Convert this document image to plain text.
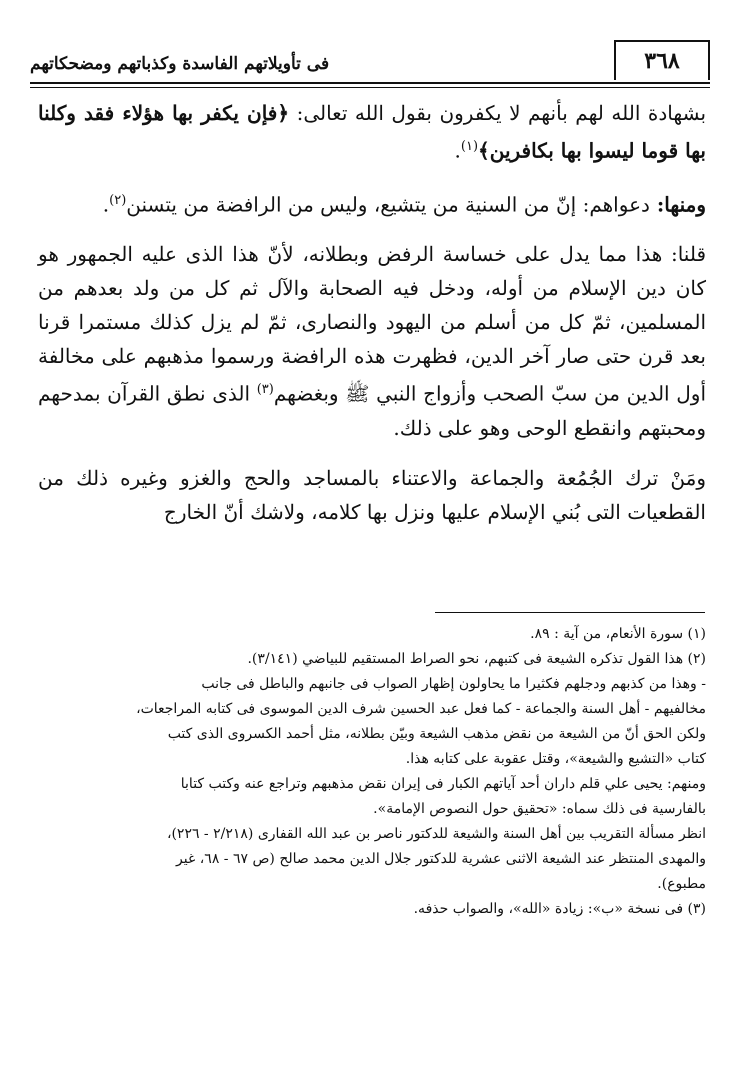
٣٦٨
فى تأويلاتهم الفاسدة وكذباتهم ومضحكاتهم

بشهادة الله لهم بأنهم لا يكفرون بقول الله تعالى: ﴿فإن يكفر بها هؤلاء فقد وكلنا بها قوما ليسوا بها بكافرين﴾$^{(١)}$.

ومنها: دعواهم: إنّ من السنية من يتشيع، وليس من الرافضة من يتسنن$^{(٢)}$.

قلنا: هذا مما يدل على خساسة الرفض وبطلانه، لأنّ هذا الذى عليه الجمهور هو كان دين الإسلام من أوله، ودخل فيه الصحابة والآل ثم كل من ولد بعدهم من المسلمين، ثمّ كل من أسلم من اليهود والنصارى، ثمّ لم يزل كذلك مستمرا قرنا بعد قرن حتى صار آخر الدين، فظهرت هذه الرافضة ورسموا مذهبهم على مخالفة أول الدين من سبّ الصحب وأزواج النبي ﷺ وبغضهم$^{(٣)}$ الذى نطق القرآن بمدحهم ومحبتهم وانقطع الوحى وهو على ذلك.

ومَنْ ترك الجُمُعة والجماعة والاعتناء بالمساجد والحج والغزو وغيره ذلك من القطعيات التى بُني الإسلام عليها ونزل بها كلامه، ولاشك أنّ الخارج

(١) سورة الأنعام، من آية : ٨٩.

(٢) هذا القول تذكره الشيعة فى كتبهم، نحو الصراط المستقيم للبياضي (٣/١٤١).

- وهذا من كذبهم ودجلهم فكثيرا ما يحاولون إظهار الصواب فى جانبهم والباطل فى جانب

مخالفيهم - أهل السنة والجماعة - كما فعل عبد الحسين شرف الدين الموسوى فى كتابه المراجعات،

ولكن الحق أنّ من الشيعة من نقض مذهب الشيعة وبيّن بطلانه، مثل أحمد الكسروى الذى كتب

كتاب «التشيع والشيعة»، وقتل عقوبة على كتابه هذا.

ومنهم: يحيى علي قلم داران أحد آياتهم الكبار فى إيران نقض مذهبهم وتراجع عنه وكتب كتابا

بالفارسية فى ذلك سماه: «تحقيق حول النصوص الإمامة».

انظر مسألة التقريب بين أهل السنة والشيعة للدكتور ناصر بن عبد الله القفارى (٢/٢١٨ - ٢٢٦)،

والمهدى المنتظر عند الشيعة الاثنى عشرية للدكتور جلال الدين محمد صالح (ص ٦٧ - ٦٨، غير

مطبوع).

(٣) فى نسخة «ب»: زيادة «الله»، والصواب حذفه.
